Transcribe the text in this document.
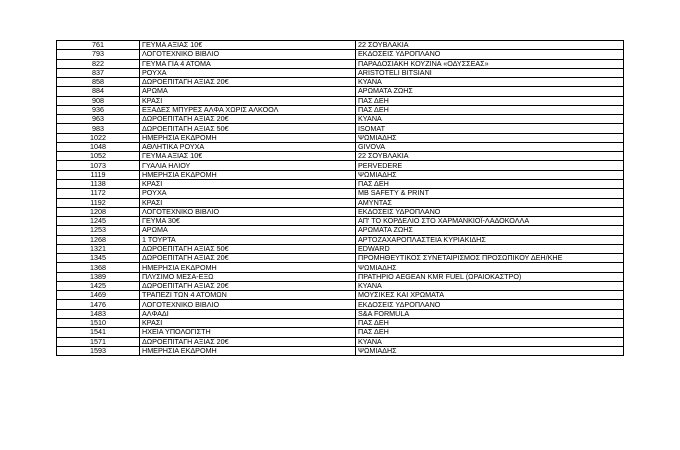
761	ΓΕΥΜΑ ΑΞΙΑΣ 10€	22 ΣΟΥΒΛΑΚΙΑ
793	ΛΟΓΟΤΕΧΝΙΚΟ ΒΙΒΛΙΟ	ΕΚΔΟΣΕΙΣ ΥΔΡΟΠΛΑΝΟ
822	ΓΕΥΜΑ ΓΙΑ 4 ΑΤΟΜΑ	ΠΑΡΑΔΟΣΙΑΚΗ ΚΟΥΖΙΝΑ «ΟΔΥΣΣΕΑΣ»
837	ΡΟΥΧΑ	ARISTOTELI BITSIANI
858	ΔΩΡΟΕΠΙΤΑΓΗ ΑΞΙΑΣ 20€	ΚΥΑΝΑ
884	ΑΡΩΜΑ	ΑΡΩΜΑΤΑ ΖΩΗΣ
908	ΚΡΑΣΙ	ΠΑΣ ΔΕΗ
936	ΕΞΑΔΕΣ ΜΠΥΡΕΣ ΑΛΦΑ ΧΩΡΙΣ ΑΛΚΟΟΛ	ΠΑΣ ΔΕΗ
963	ΔΩΡΟΕΠΙΤΑΓΗ ΑΞΙΑΣ 20€	ΚΥΑΝΑ
983	ΔΩΡΟΕΠΙΤΑΓΗ ΑΞΙΑΣ 50€	ISOMAT
1022	ΗΜΕΡΗΣΙΑ ΕΚΔΡΟΜΗ	ΨΩΜΙΑΔΗΣ
1048	ΑΘΛΗΤΙΚΑ ΡΟΥΧΑ	GIVOVA
1052	ΓΕΥΜΑ ΑΞΙΑΣ 10€	22 ΣΟΥΒΛΑΚΙΑ
1073	ΓΥΑΛΙΑ ΗΛΙΟΥ	PERVEDERE
1119	ΗΜΕΡΗΣΙΑ ΕΚΔΡΟΜΗ	ΨΩΜΙΑΔΗΣ
1138	ΚΡΑΣΙ	ΠΑΣ ΔΕΗ
1172	ΡΟΥΧΑ	MB SAFETY & PRINT
1192	ΚΡΑΣΙ	ΑΜΥΝΤΑΣ
1208	ΛΟΓΟΤΕΧΝΙΚΟ ΒΙΒΛΙΟ	ΕΚΔΟΣΕΙΣ ΥΔΡΟΠΛΑΝΟ
1245	ΓΕΥΜΑ 30€	ΑΠ' ΤΟ ΚΟΡΔΕΛΙΟ ΣΤΟ ΧΑΡΜΑΝΚΙΟΪ-ΛΑΔΟΚΟΛΛΑ
1253	ΑΡΩΜΑ	ΑΡΩΜΑΤΑ ΖΩΗΣ
1268	1 ΤΟΥΡΤΑ	ΑΡΤΟΖΑΧΑΡΟΠΛΑΣΤΕΙΑ ΚΥΡΙΑΚΙΔΗΣ
1321	ΔΩΡΟΕΠΙΤΑΓΗ ΑΞΙΑΣ 50€	EDWARD
1345	ΔΩΡΟΕΠΙΤΑΓΗ ΑΞΙΑΣ 20€	ΠΡΟΜΗΘΕΥΤΙΚΟΣ ΣΥΝΕΤΑΙΡΙΣΜΟΣ ΠΡΟΣΩΠΙΚΟΥ ΔΕΗ/ΚΗΕ
1368	ΗΜΕΡΗΣΙΑ ΕΚΔΡΟΜΗ	ΨΩΜΙΑΔΗΣ
1389	ΠΛΥΣΙΜΟ ΜΕΣΑ-ΕΞΩ	ΠΡΑΤΗΡΙΟ AEGEAN KMR FUEL (ΩΡΑΙΟΚΑΣΤΡΟ)
1425	ΔΩΡΟΕΠΙΤΑΓΗ ΑΞΙΑΣ 20€	ΚΥΑΝΑ
1469	ΤΡΑΠΕΖΙ ΤΩΝ 4 ΑΤΟΜΩΝ	ΜΟΥΣΙΚΕΣ ΚΑΙ ΧΡΩΜΑΤΑ
1476	ΛΟΓΟΤΕΧΝΙΚΟ ΒΙΒΛΙΟ	ΕΚΔΟΣΕΙΣ ΥΔΡΟΠΛΑΝΟ
1483	ΑΛΦΑΔΙ	S&A FORMULA
1510	ΚΡΑΣΙ	ΠΑΣ ΔΕΗ
1541	ΗΧΕΙΑ ΥΠΟΛΟΓΙΣΤΗ	ΠΑΣ ΔΕΗ
1571	ΔΩΡΟΕΠΙΤΑΓΗ ΑΞΙΑΣ 20€	ΚΥΑΝΑ
1593	ΗΜΕΡΗΣΙΑ ΕΚΔΡΟΜΗ	ΨΩΜΙΑΔΗΣ
